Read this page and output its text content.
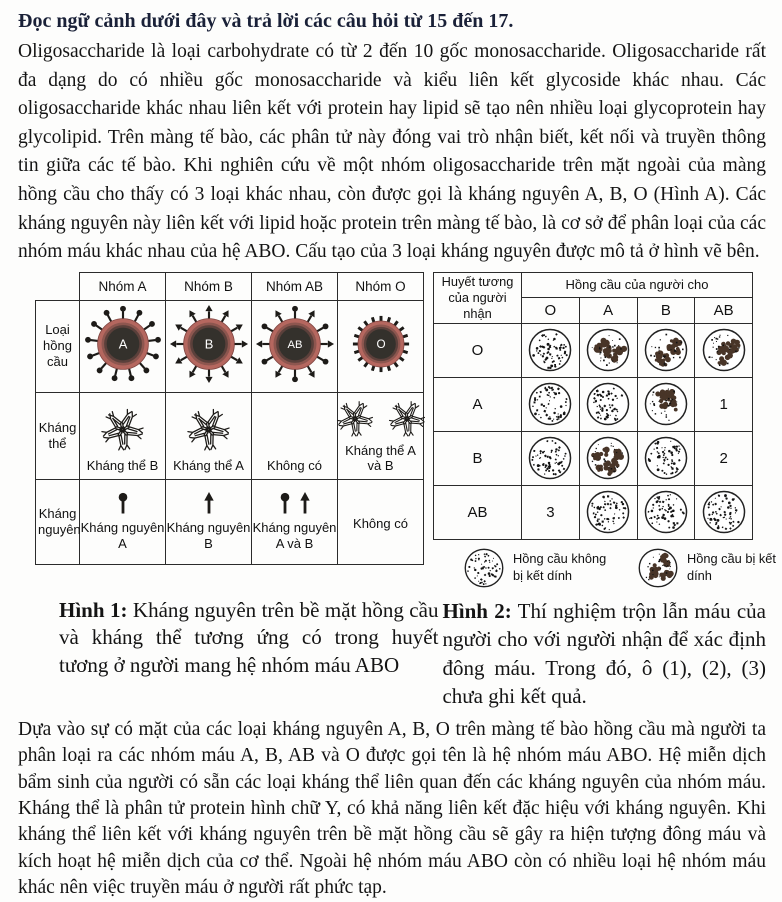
Đọc ngữ cảnh dưới đây và trả lời các câu hỏi từ 15 đến 17.

Oligosaccharide là loại carbohydrate có từ 2 đến 10 gốc monosaccharide. Oligosaccharide rất đa dạng do có nhiều gốc monosaccharide và kiểu liên kết glycoside khác nhau. Các oligosaccharide khác nhau liên kết với protein hay lipid sẽ tạo nên nhiều loại glycoprotein hay glycolipid. Trên màng tế bào, các phân tử này đóng vai trò nhận biết, kết nối và truyền thông tin giữa các tế bào. Khi nghiên cứu về một nhóm oligosaccharide trên mặt ngoài của màng hồng cầu cho thấy có 3 loại khác nhau, còn được gọi là kháng nguyên A, B, O (Hình A). Các kháng nguyên này liên kết với lipid hoặc protein trên màng tế bào, là cơ sở để phân loại của các nhóm máu khác nhau của hệ ABO. Cấu tạo của 3 loại kháng nguyên được mô tả ở hình vẽ bên.

	Nhóm A	Nhóm B	Nhóm AB	Nhóm O
Loại hồng cầu	A	B	AB	O

Kháng thể	Kháng thể B	Kháng thể A	Không có	Kháng thể A và B

Kháng nguyên	Kháng nguyên A	Kháng nguyên B	Kháng nguyên A và B	Không có
Huyết tương của người nhận	Hồng cầu của người cho			
	O	A	B	AB
O	

A				1
B				2
AB	3	

Hồng cầu không bị kết dính
Hồng cầu bị kết dính
Hình 1: Kháng nguyên trên bề mặt hồng cầu và kháng thể tương ứng có trong huyết tương ở người mang hệ nhóm máu ABO
Hình 2: Thí nghiệm trộn lẫn máu của người cho với người nhận để xác định đông máu. Trong đó, ô (1), (2), (3) chưa ghi kết quả.

Dựa vào sự có mặt của các loại kháng nguyên A, B, O trên màng tế bào hồng cầu mà người ta phân loại ra các nhóm máu A, B, AB và O được gọi tên là hệ nhóm máu ABO. Hệ miễn dịch bẩm sinh của người có sẵn các loại kháng thể liên quan đến các kháng nguyên của nhóm máu. Kháng thể là phân tử protein hình chữ Y, có khả năng liên kết đặc hiệu với kháng nguyên. Khi kháng thể liên kết với kháng nguyên trên bề mặt hồng cầu sẽ gây ra hiện tượng đông máu và kích hoạt hệ miễn dịch của cơ thể. Ngoài hệ nhóm máu ABO còn có nhiều loại hệ nhóm máu khác nên việc truyền máu ở người rất phức tạp.
